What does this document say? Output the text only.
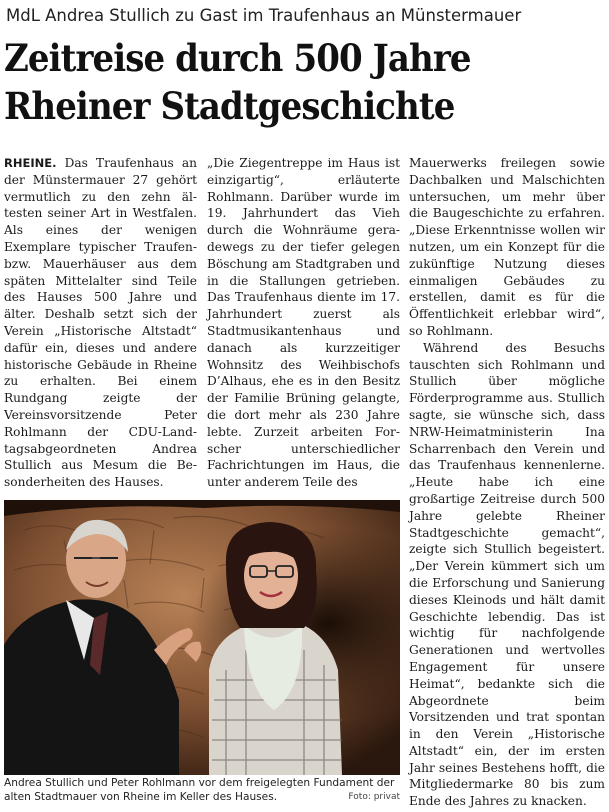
MdL Andrea Stullich zu Gast im Traufenhaus an Münstermauer
Zeitreise durch 500 Jahre
Rheiner Stadtgeschichte

RHEINE. Das Traufenhaus an der Münstermauer 27 gehört vermutlich zu den zehn ältesten seiner Art in Westfalen. Als eines der wenigen Exemplare typischer Traufen- bzw. Mauerhäuser aus dem späten Mittelalter sind Teile des Hauses 500 Jahre und älter. Deshalb setzt sich der Verein „Historische Altstadt“ dafür ein, dieses und andere historische Gebäude in Rheine zu erhalten. Bei einem Rundgang zeigte der Vereinsvorsitzende Peter Rohlmann der CDU-Landtagsabgeordneten Andrea Stullich aus Mesum die Besonderheiten des Hauses.

„Die Ziegentreppe im Haus ist einzigartig“, erläuterte Rohlmann. Darüber wurde im 19. Jahrhundert das Vieh durch die Wohnräume geradewegs zu der tiefer gelegen Böschung am Stadtgraben und in die Stallungen getrieben. Das Traufenhaus diente im 17. Jahrhundert zuerst als Stadtmusikantenhaus und danach als kurzzeitiger Wohnsitz des Weihbischofs D’Alhaus, ehe es in den Besitz der Familie Brüning gelangte, die dort mehr als 230 Jahre lebte. Zurzeit arbeiten Forscher unterschiedlicher Fachrichtungen im Haus, die unter anderem Teile des

Mauerwerks freilegen sowie Dachbalken und Malschichten untersuchen, um mehr über die Baugeschichte zu erfahren. „Diese Erkenntnisse wollen wir nutzen, um ein Konzept für die zukünftige Nutzung dieses einmaligen Gebäudes zu erstellen, damit es für die Öffentlichkeit erlebbar wird“, so Rohlmann.

Während des Besuchs tauschten sich Rohlmann und Stullich über mögliche Förderprogramme aus. Stullich sagte, sie wünsche sich, dass NRW-Heimatministerin Ina Scharrenbach den Verein und das Traufenhaus kennenlerne. „Heute habe ich eine großartige Zeitreise durch 500 Jahre gelebte Rheiner Stadtgeschichte gemacht“, zeigte sich Stullich begeistert. „Der Verein kümmert sich um die Erforschung und Sanierung dieses Kleinods und hält damit Geschichte lebendig. Das ist wichtig für nachfolgende Generationen und wertvolles Engagement für unsere Heimat“, bedankte sich die Abgeordnete beim Vorsitzenden und trat spontan in den Verein „Historische Altstadt“ ein, der im ersten Jahr seines Bestehens hofft, die Mitgliedermarke 80 bis zum Ende des Jahres zu knacken.

Andrea Stullich und Peter Rohlmann vor dem freigelegten Fundament der alten Stadtmauer von Rheine im Keller des Hauses.	Foto: privat
